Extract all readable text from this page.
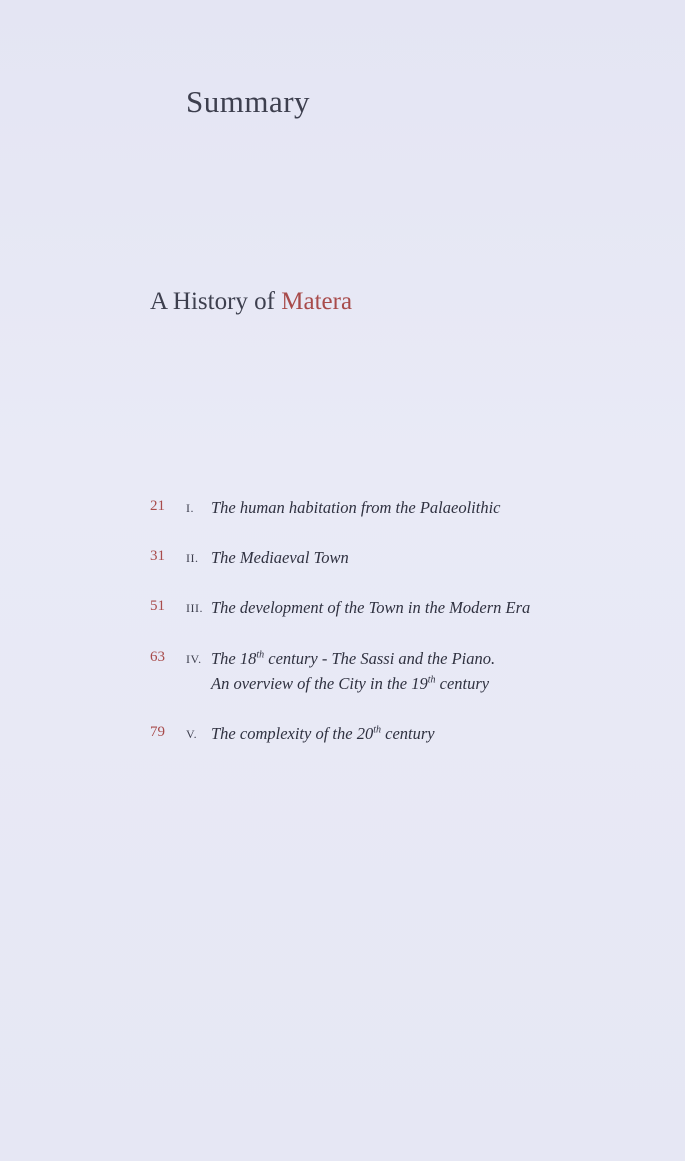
Summary
A History of Matera
21 I. The human habitation from the Palaeolithic
31 II. The Mediaeval Town
51 III. The development of the Town in the Modern Era
63 IV. The 18th century - The Sassi and the Piano.
An overview of the City in the 19th century
79 V. The complexity of the 20th century
